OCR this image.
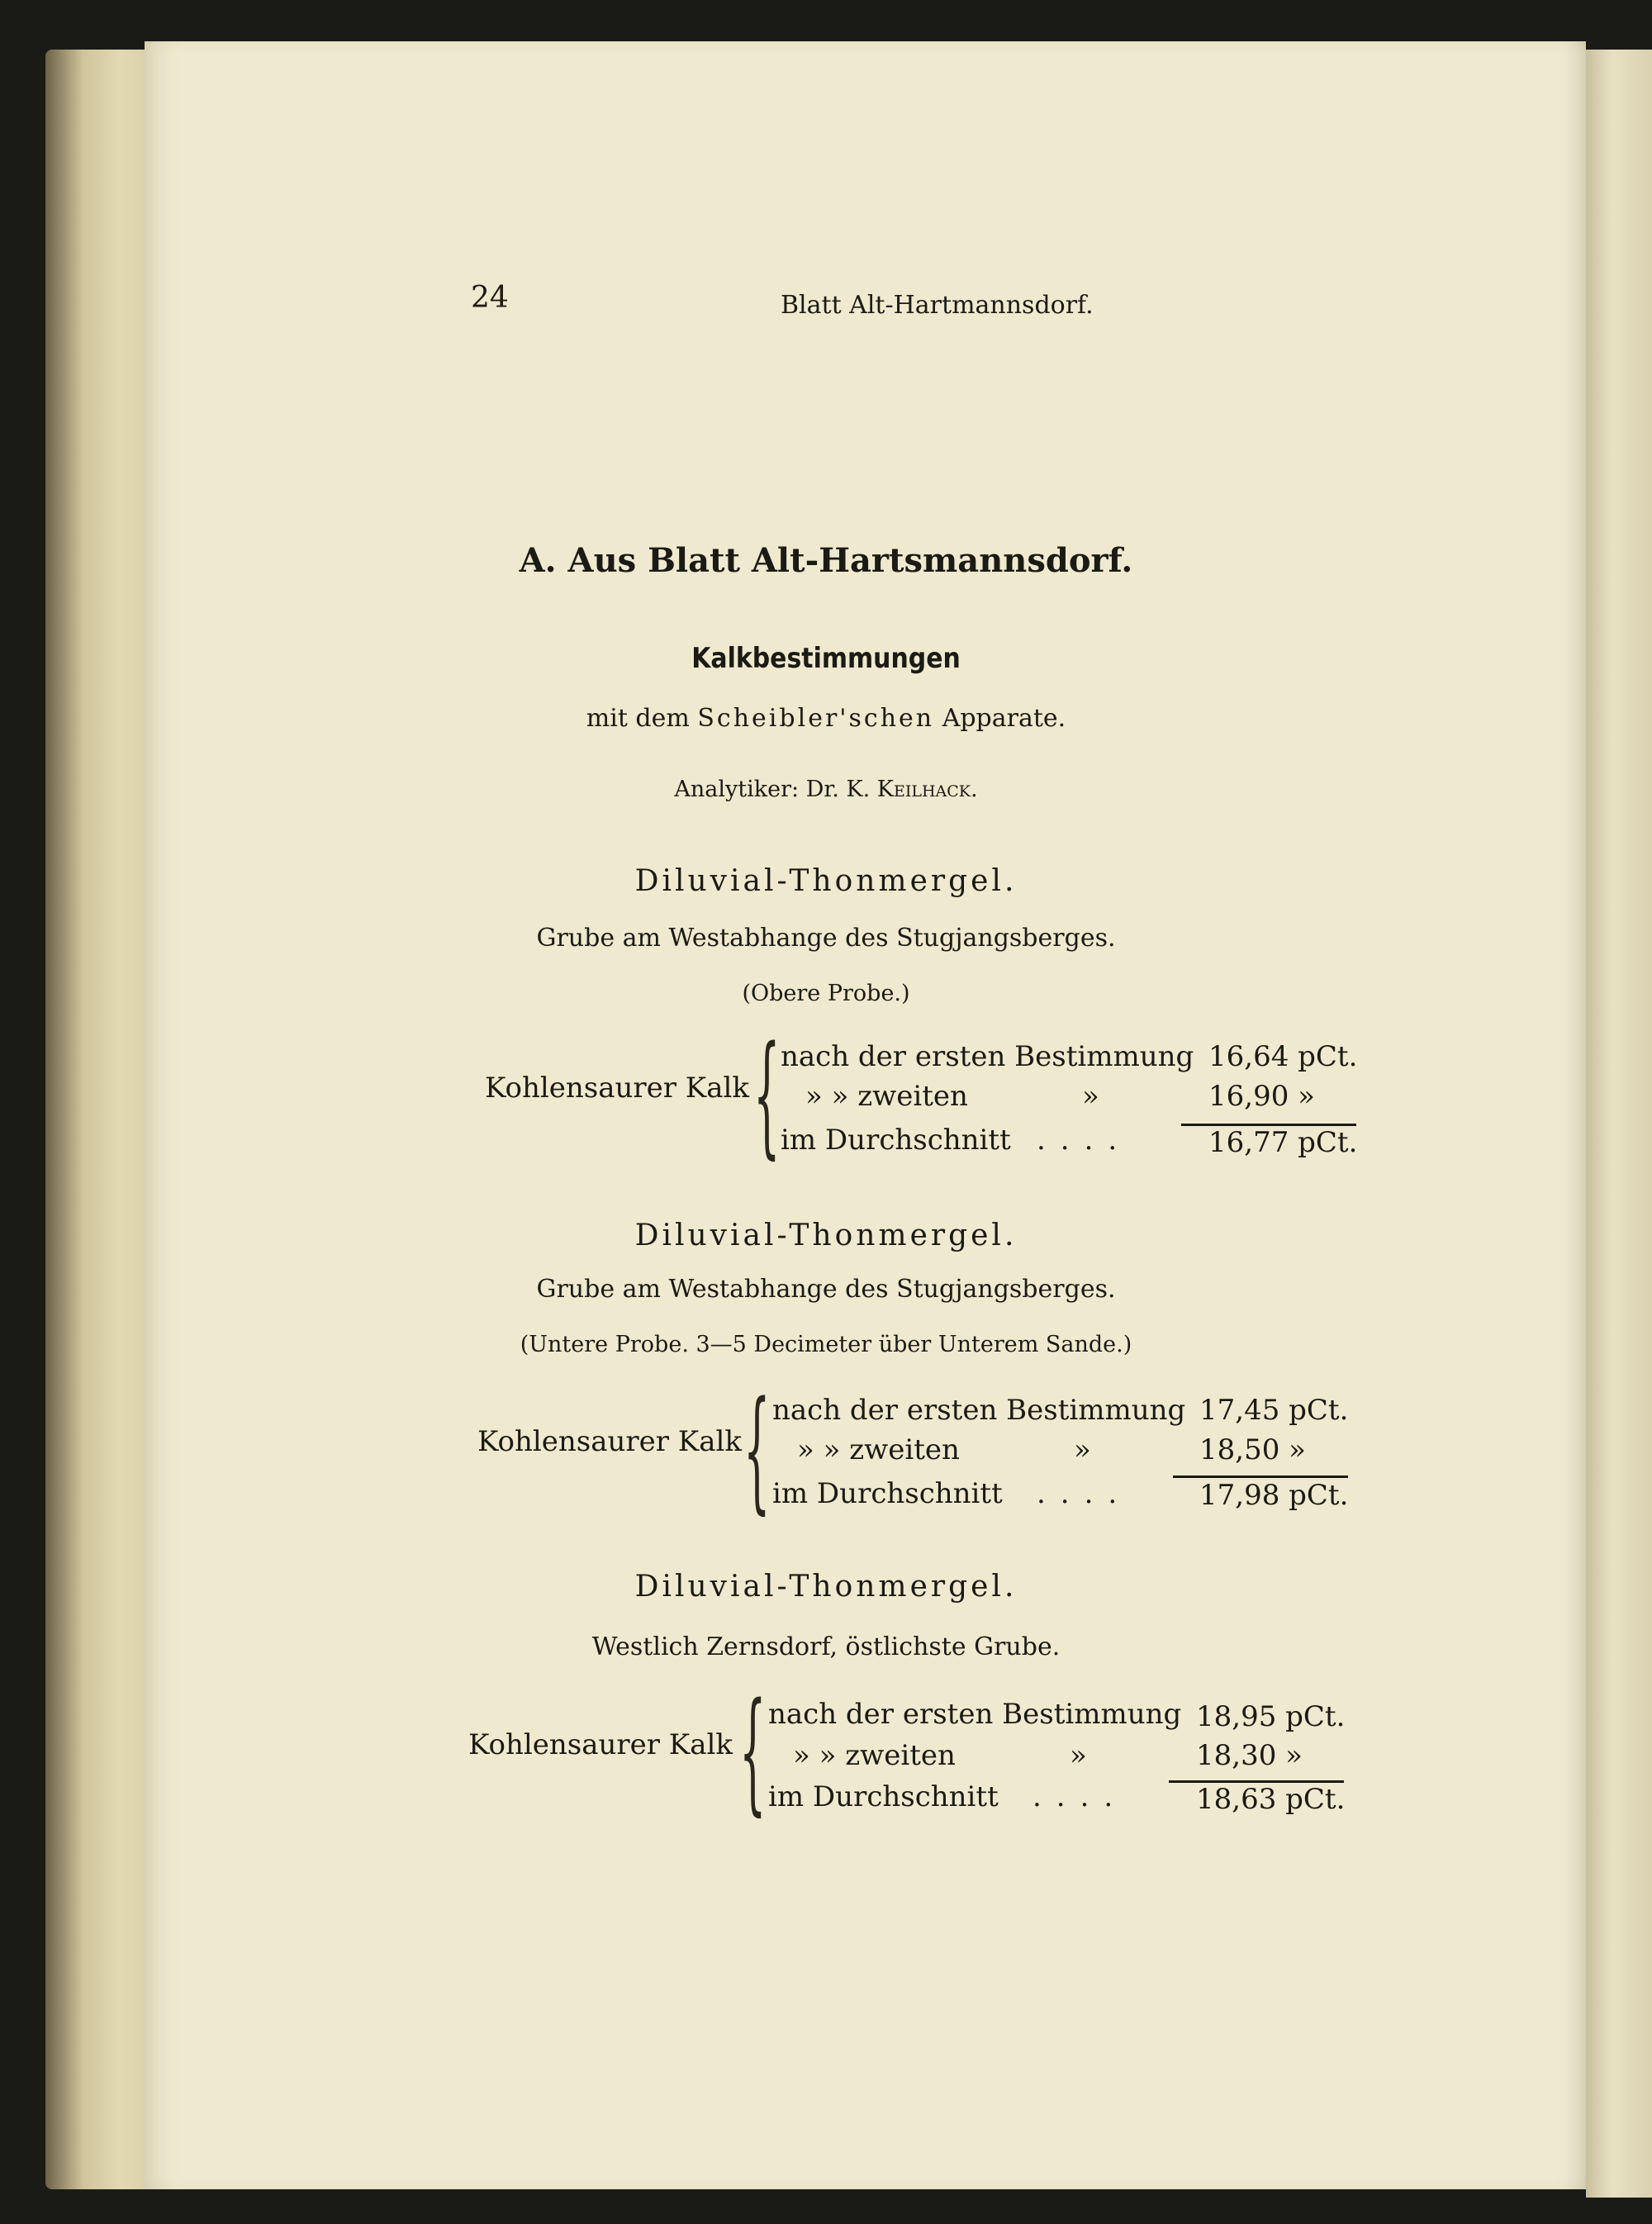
24	Blatt Alt-Hartmannsdorf.
A. Aus Blatt Alt-Hartsmannsdorf.
Kalkbestimmungen
mit dem Scheibler'schen Apparate.
Analytiker: Dr. K. Keilhack.
Diluvial-Thonmergel.
Grube am Westabhange des Stugjangsberges.
(Obere Probe.)
Kohlensaurer Kalk { nach der ersten Bestimmung 16,64 pCt.
» » zweiten	»	16,90 »
im Durchschnitt ....	16,77 pCt.
Diluvial-Thonmergel.
Grube am Westabhange des Stugjangsberges.
(Untere Probe. 3—5 Decimeter über Unterem Sande.)
Kohlensaurer Kalk { nach der ersten Bestimmung 17,45 pCt.
» » zweiten	»	18,50 »
im Durchschnitt .... 17,98 pCt.
Diluvial-Thonmergel.
Westlich Zernsdorf, östlichste Grube.
Kohlensaurer Kalk { nach der ersten Bestimmung 18,95 pCt.
» » zweiten	»	18,30 »
im Durchschnitt .... 18,63 pCt.
